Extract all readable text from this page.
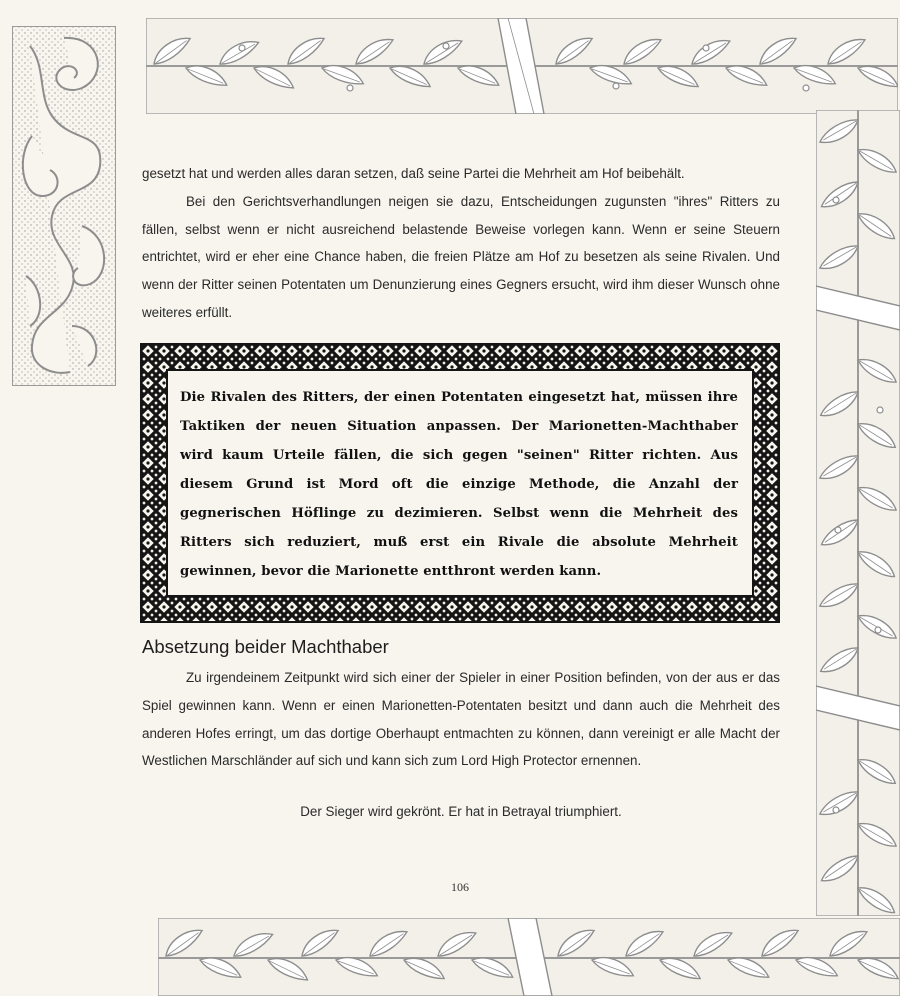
gesetzt hat und werden alles daran setzen, daß seine Partei die Mehrheit am Hof beibehält.

Bei den Gerichtsverhandlungen neigen sie dazu, Entscheidungen zugunsten "ihres" Ritters zu fällen, selbst wenn er nicht ausreichend belastende Beweise vorlegen kann. Wenn er seine Steuern entrichtet, wird er eher eine Chance haben, die freien Plätze am Hof zu besetzen als seine Rivalen. Und wenn der Ritter seinen Potentaten um Denunzierung eines Gegners ersucht, wird ihm dieser Wunsch ohne weiteres erfüllt.

Die Rivalen des Ritters, der einen Potentaten eingesetzt hat, müssen ihre Taktiken der neuen Situation anpassen. Der Marionetten-Machthaber wird kaum Urteile fällen, die sich gegen "seinen" Ritter richten. Aus diesem Grund ist Mord oft die einzige Methode, die Anzahl der gegnerischen Höflinge zu dezimieren. Selbst wenn die Mehrheit des Ritters sich reduziert, muß erst ein Rivale die absolute Mehrheit gewinnen, bevor die Marionette entthront werden kann.

Absetzung beider Machthaber

Zu irgendeinem Zeitpunkt wird sich einer der Spieler in einer Position befinden, von der aus er das Spiel gewinnen kann. Wenn er einen Marionetten-Potentaten besitzt und dann auch die Mehrheit des anderen Hofes erringt, um das dortige Oberhaupt entmachten zu können, dann vereinigt er alle Macht der Westlichen Marschländer auf sich und kann sich zum Lord High Protector ernennen.

Der Sieger wird gekrönt. Er hat in Betrayal triumphiert.

106
